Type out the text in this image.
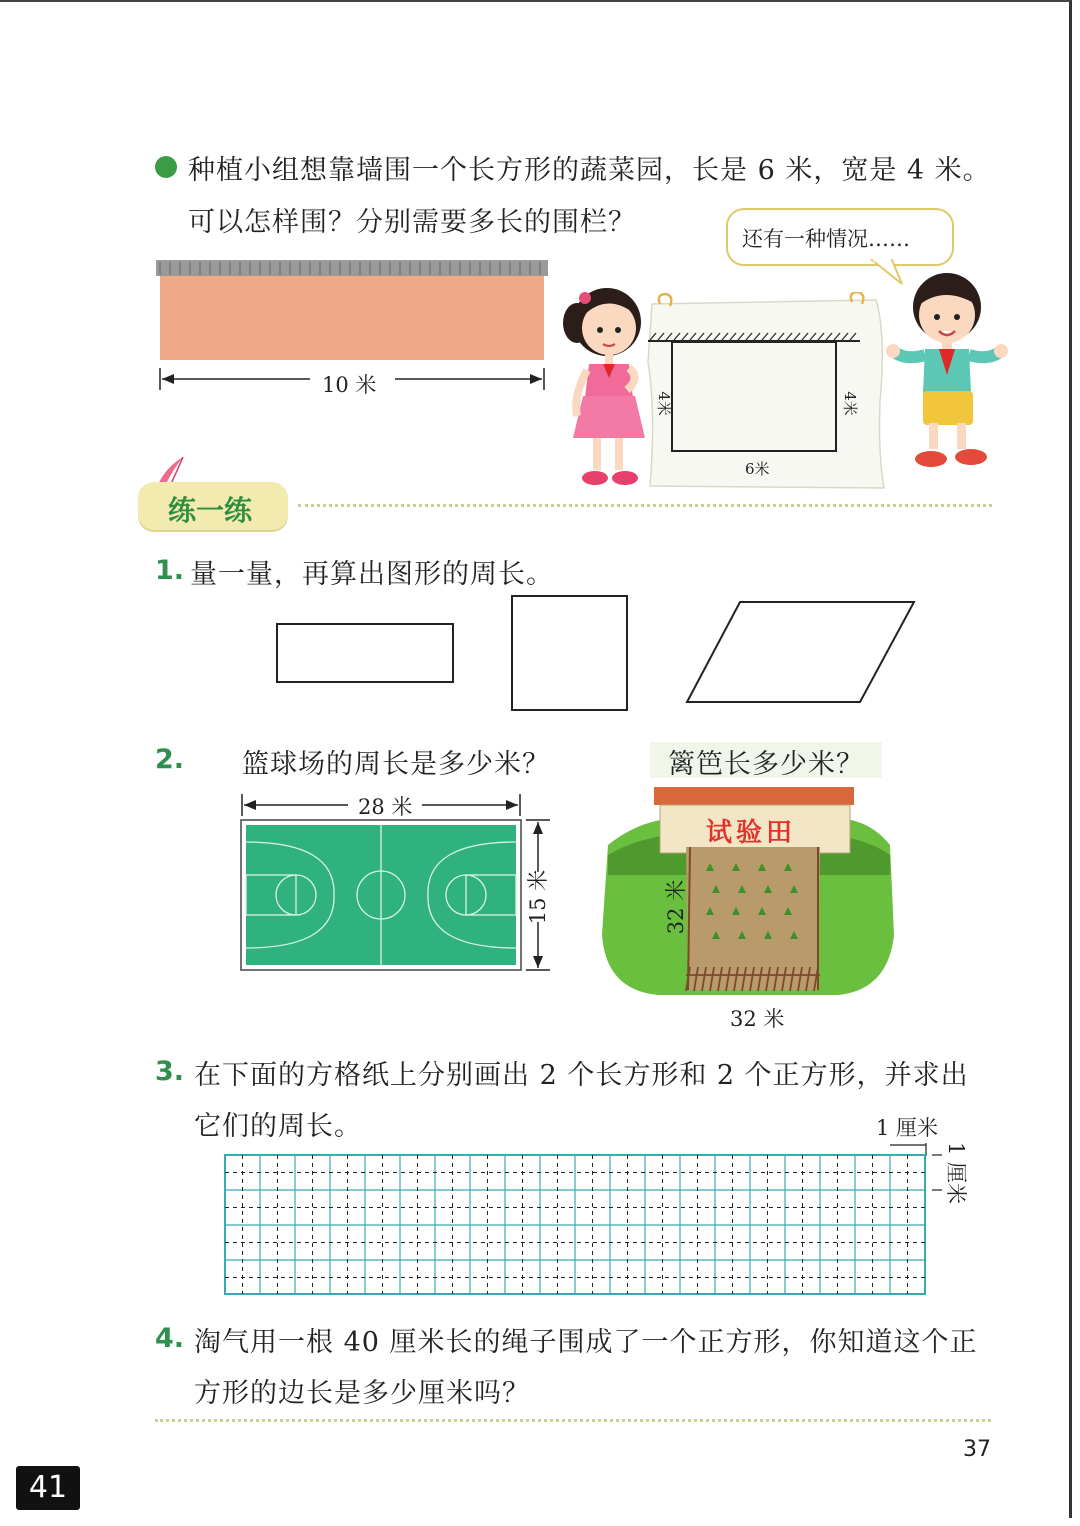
种植小组想靠墙围一个长方形的蔬菜园，长是 6 米，宽是 4 米。
可以怎样围？分别需要多长的围栏？
10 米
还有一种情况……
4米	4米
6米
练一练
1. 量一量，再算出图形的周长。
2. 篮球场的周长是多少米？	篱笆长多少米？
28 米
15 米
试验田
32 米
32 米
3. 在下面的方格纸上分别画出 2 个长方形和 2 个正方形，并求出
它们的周长。	1 厘米
1 厘米
4. 淘气用一根 40 厘米长的绳子围成了一个正方形，你知道这个正
方形的边长是多少厘米吗？
37
41
